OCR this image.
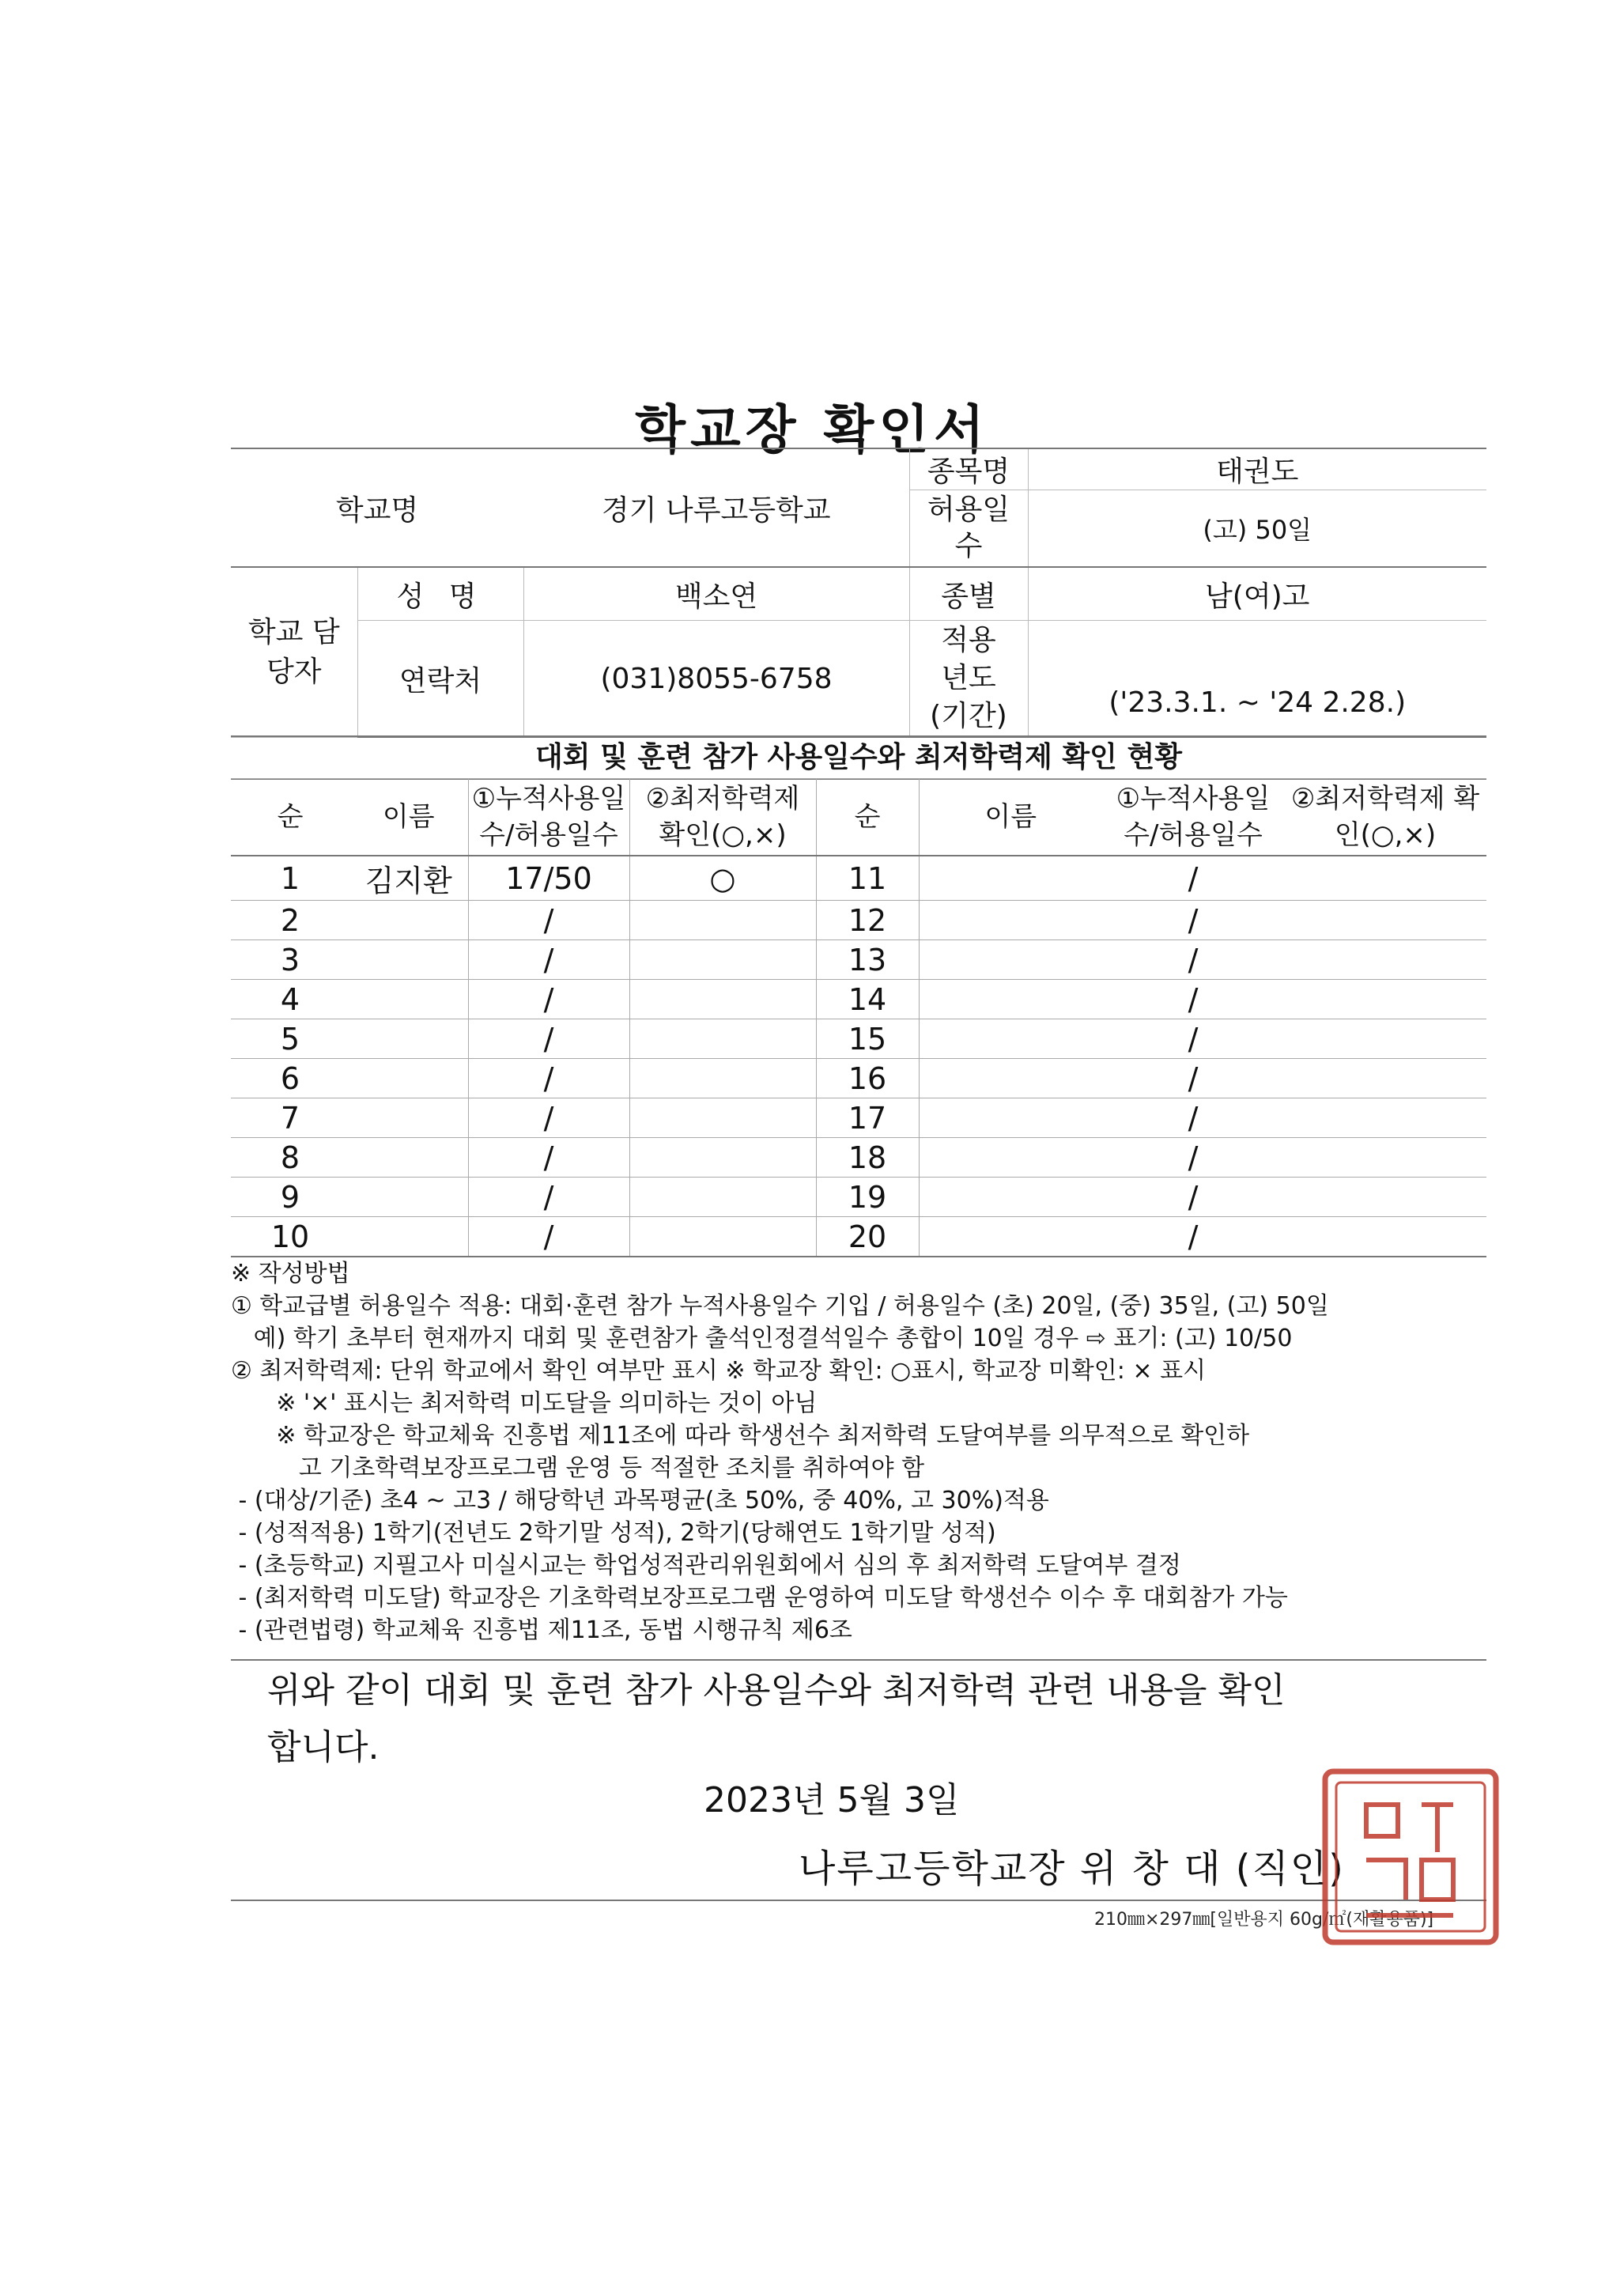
학교장 확인서
학교명		경기 나루고등학교	종목명	태권도
			허용일수	(고) 50일
학교 담당자	성 명	백소연	종별	남(여)고
	연락처	(031)8055-6758	적용년도 (기간)	('23.3.1. ~ '24 2.28.)
대회 및 훈련 참가 사용일수와 최저학력제 확인 현황
순	이름	①누적사용일수/허용일수	②최저학력제 확인(○,×)	순	이름	①누적사용일수/허용일수	②최저학력제 확인(○,×)
1	김지환	17/50	○	11		/	
2		/		12		/	
3		/		13		/	
4		/		14		/	
5		/		15		/	
6		/		16		/	
7		/		17		/	
8		/		18		/	
9		/		19		/	
10		/		20		/	

※ 작성방법

① 학교급별 허용일수 적용: 대회·훈련 참가 누적사용일수 기입 / 허용일수 (초) 20일, (중) 35일, (고) 50일

예) 학기 초부터 현재까지 대회 및 훈련참가 출석인정결석일수 총합이 10일 경우 ⇨ 표기: (고) 10/50

② 최저학력제: 단위 학교에서 확인 여부만 표시 ※ 학교장 확인: ○표시, 학교장 미확인: × 표시

※ '×' 표시는 최저학력 미도달을 의미하는 것이 아님

※ 학교장은 학교체육 진흥법 제11조에 따라 학생선수 최저학력 도달여부를 의무적으로 확인하

고 기초학력보장프로그램 운영 등 적절한 조치를 취하여야 함

- (대상/기준) 초4 ~ 고3 / 해당학년 과목평균(초 50%, 중 40%, 고 30%)적용

- (성적적용) 1학기(전년도 2학기말 성적), 2학기(당해연도 1학기말 성적)

- (초등학교) 지필고사 미실시교는 학업성적관리위원회에서 심의 후 최저학력 도달여부 결정

- (최저학력 미도달) 학교장은 기초학력보장프로그램 운영하여 미도달 학생선수 이수 후 대회참가 가능

- (관련법령) 학교체육 진흥법 제11조, 동법 시행규칙 제6조

위와 같이 대회 및 훈련 참가 사용일수와 최저학력 관련 내용을 확인
합니다.
2023년 5월 3일
나루고등학교장 위 창 대 (직인)
210㎜×297㎜[일반용지 60g/㎡(재활용품)]
